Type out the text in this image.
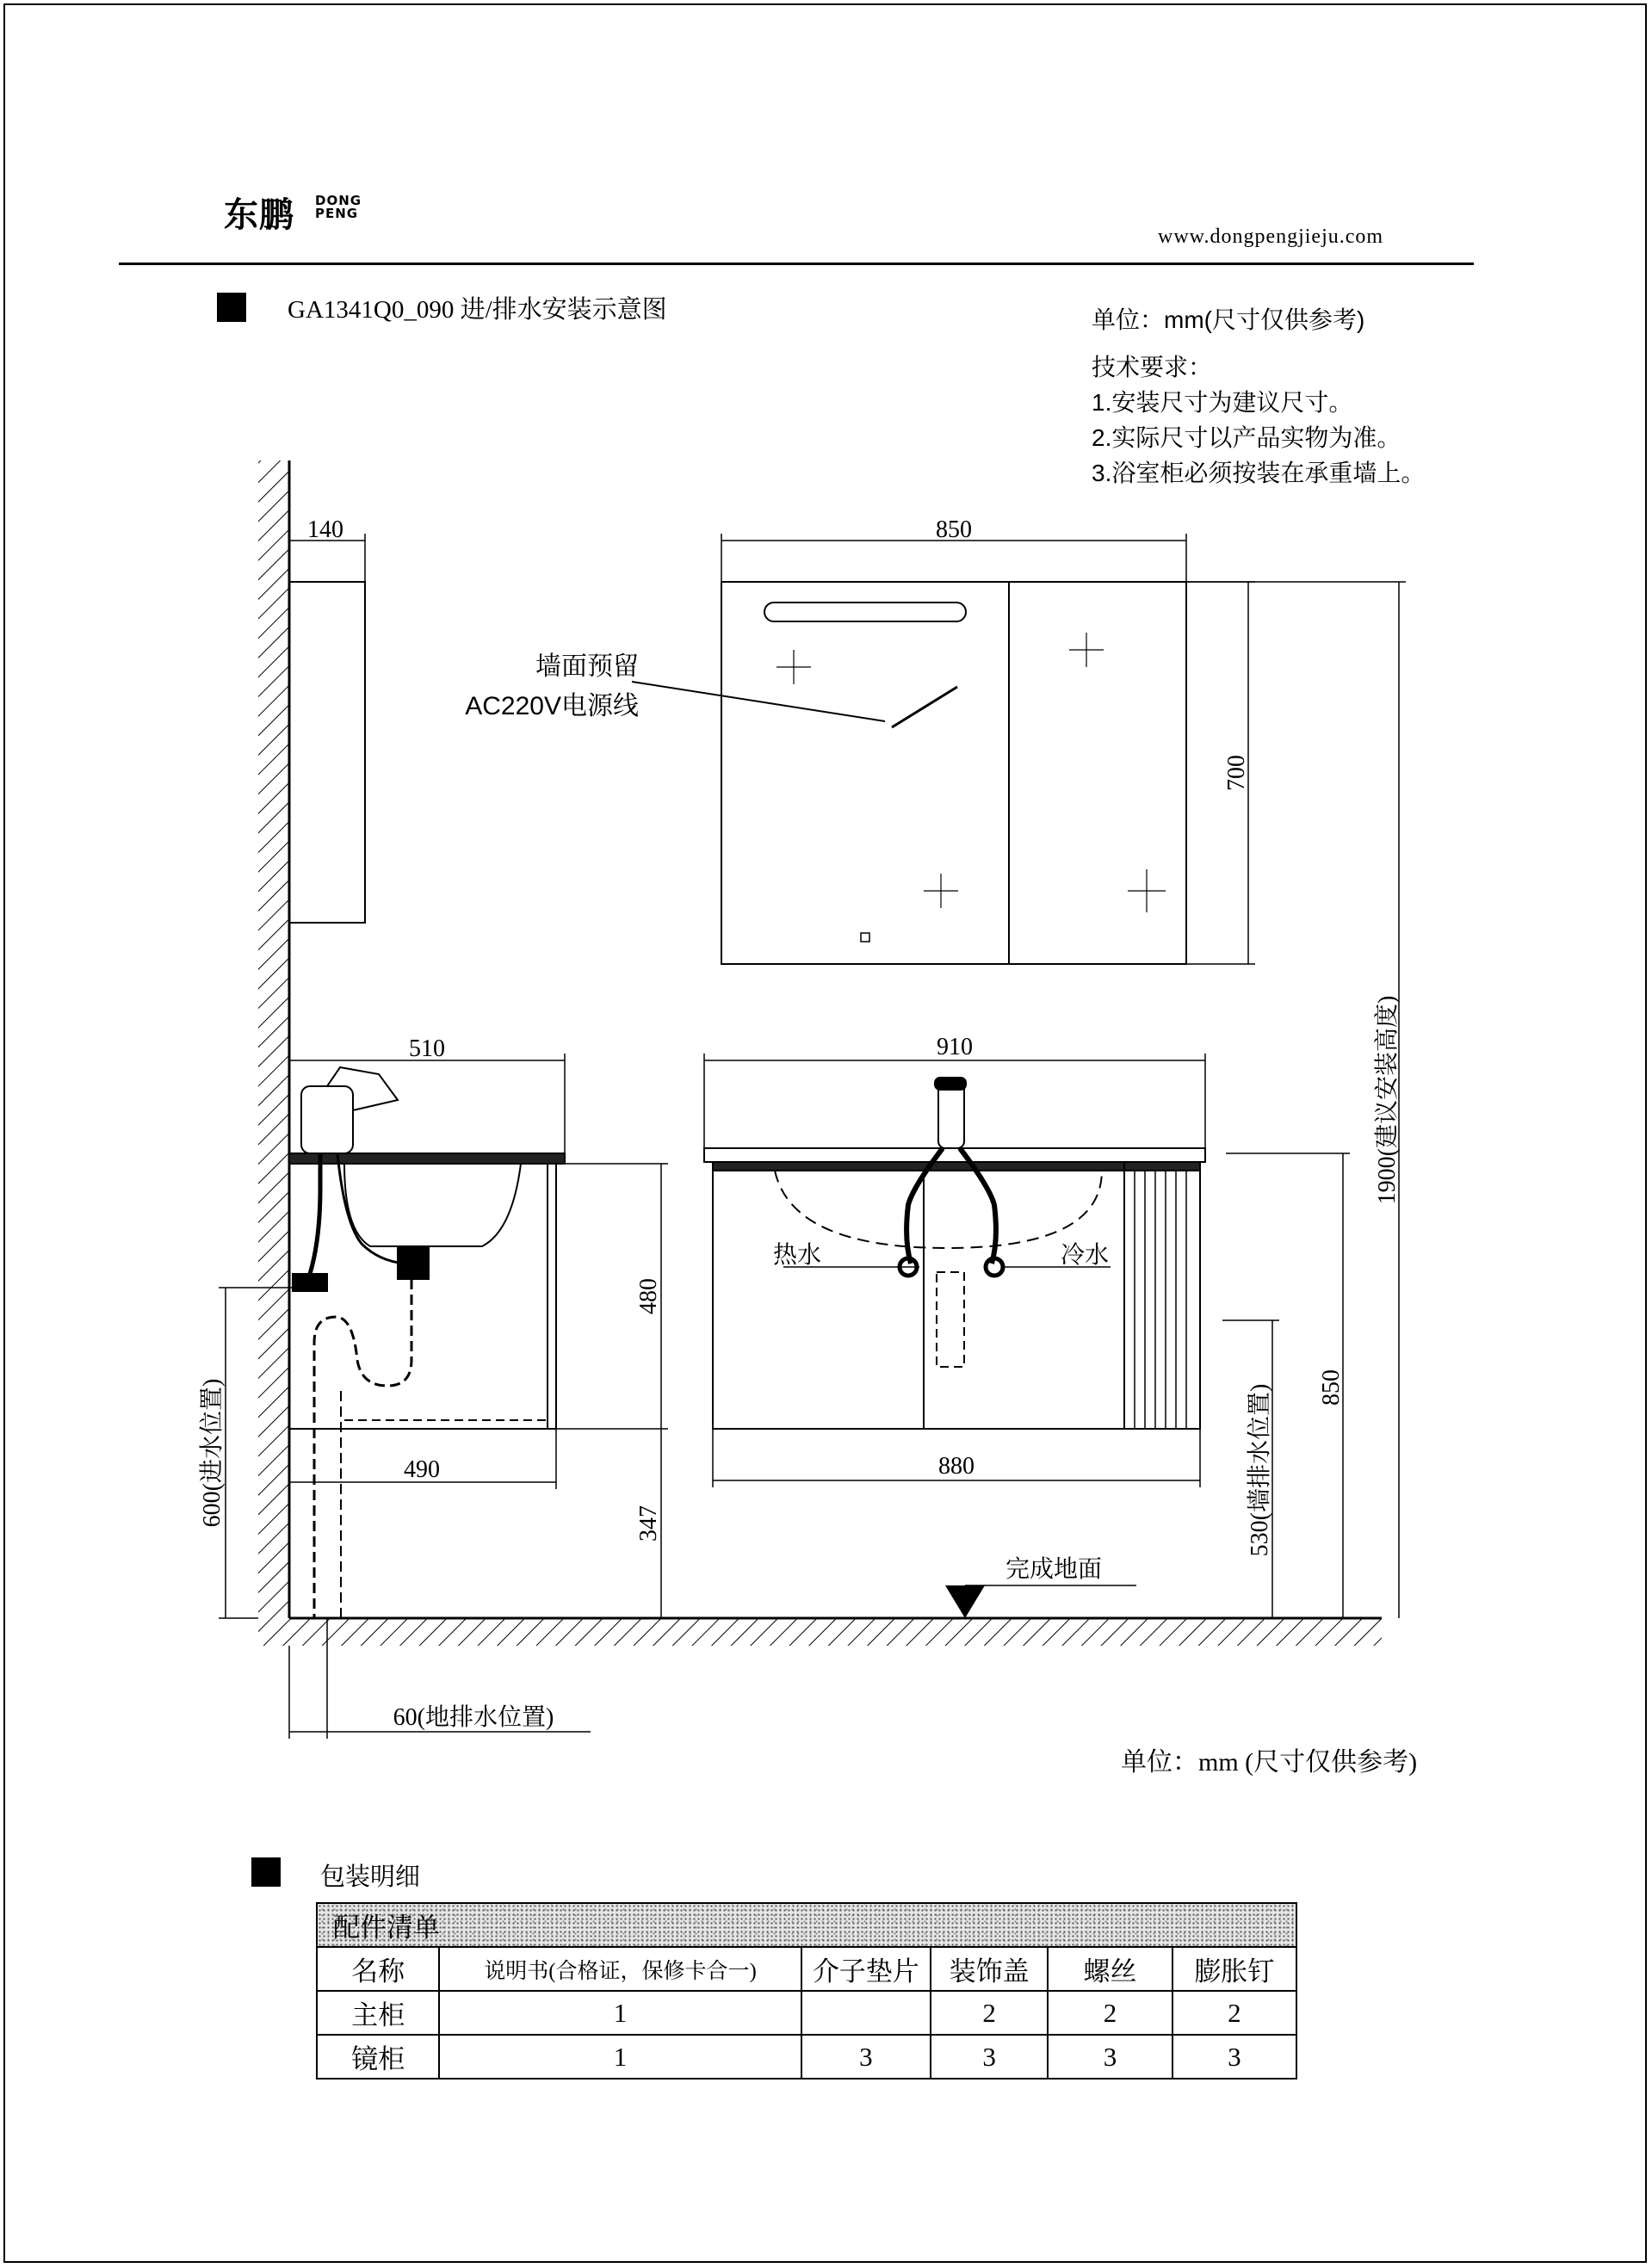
东鹏 DONG
PENG
www.dongpengjieju.com
GA1341Q0_090 进/排水安装示意图	单位：mm(尺寸仅供参考)
技术要求：
1.安装尺寸为建议尺寸。
2.实际尺寸以产品实物为准。
3.浴室柜必须按装在承重墙上。
140
墙面预留
AC220V电源线
850
700
1900(建议安装高度)
510
490
480
347
600(进水位置)
60(地排水位置)
热水	冷水
910
880
850
530(墙排水位置)
完成地面
单位：mm (尺寸仅供参考)
包装明细
配件清单					
名称	说明书(合格证，保修卡合一)	介子垫片	装饰盖	螺丝	膨胀钉
主柜	1		2	2	2
镜柜	1	3	3	3	3
